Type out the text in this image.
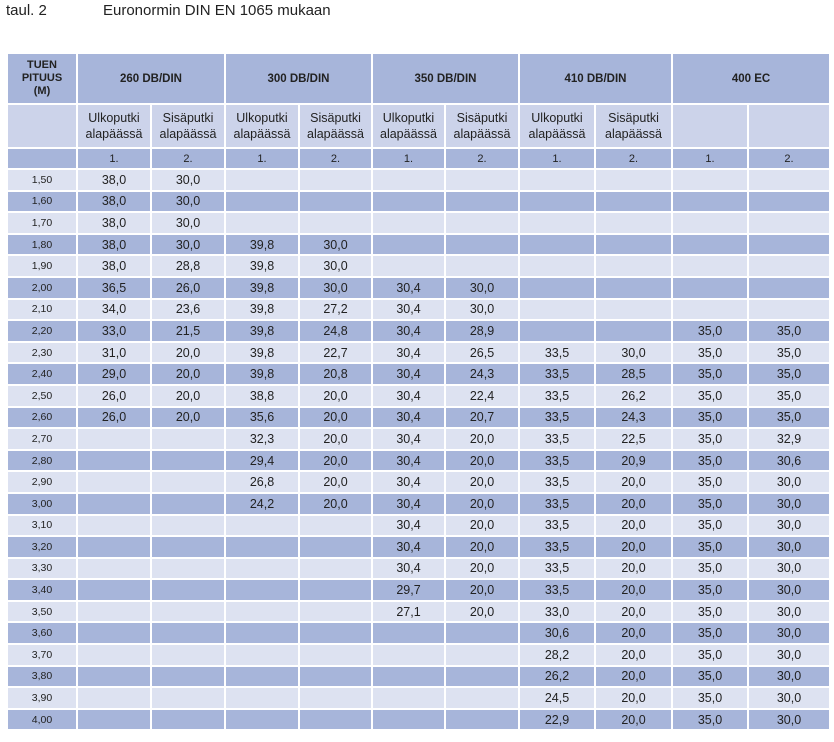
taul. 2	Euronormin DIN EN 1065 mukaan
TUEN
PITUUS
(M)	260 DB/DIN		300 DB/DIN		350 DB/DIN		410 DB/DIN		400 EC	
	Ulkoputki alapäässä	Sisäputki alapäässä	Ulkoputki alapäässä	Sisäputki alapäässä	Ulkoputki alapäässä	Sisäputki alapäässä	Ulkoputki alapäässä	Sisäputki alapäässä		
	1.	2.	1.	2.	1.	2.	1.	2.	1.	2.
1,50	38,0	30,0								
1,60	38,0	30,0								
1,70	38,0	30,0								
1,80	38,0	30,0	39,8	30,0						
1,90	38,0	28,8	39,8	30,0						
2,00	36,5	26,0	39,8	30,0	30,4	30,0				
2,10	34,0	23,6	39,8	27,2	30,4	30,0				
2,20	33,0	21,5	39,8	24,8	30,4	28,9			35,0	35,0
2,30	31,0	20,0	39,8	22,7	30,4	26,5	33,5	30,0	35,0	35,0
2,40	29,0	20,0	39,8	20,8	30,4	24,3	33,5	28,5	35,0	35,0
2,50	26,0	20,0	38,8	20,0	30,4	22,4	33,5	26,2	35,0	35,0
2,60	26,0	20,0	35,6	20,0	30,4	20,7	33,5	24,3	35,0	35,0
2,70			32,3	20,0	30,4	20,0	33,5	22,5	35,0	32,9
2,80			29,4	20,0	30,4	20,0	33,5	20,9	35,0	30,6
2,90			26,8	20,0	30,4	20,0	33,5	20,0	35,0	30,0
3,00			24,2	20,0	30,4	20,0	33,5	20,0	35,0	30,0
3,10					30,4	20,0	33,5	20,0	35,0	30,0
3,20					30,4	20,0	33,5	20,0	35,0	30,0
3,30					30,4	20,0	33,5	20,0	35,0	30,0
3,40					29,7	20,0	33,5	20,0	35,0	30,0
3,50					27,1	20,0	33,0	20,0	35,0	30,0
3,60							30,6	20,0	35,0	30,0
3,70							28,2	20,0	35,0	30,0
3,80							26,2	20,0	35,0	30,0
3,90							24,5	20,0	35,0	30,0
4,00							22,9	20,0	35,0	30,0
